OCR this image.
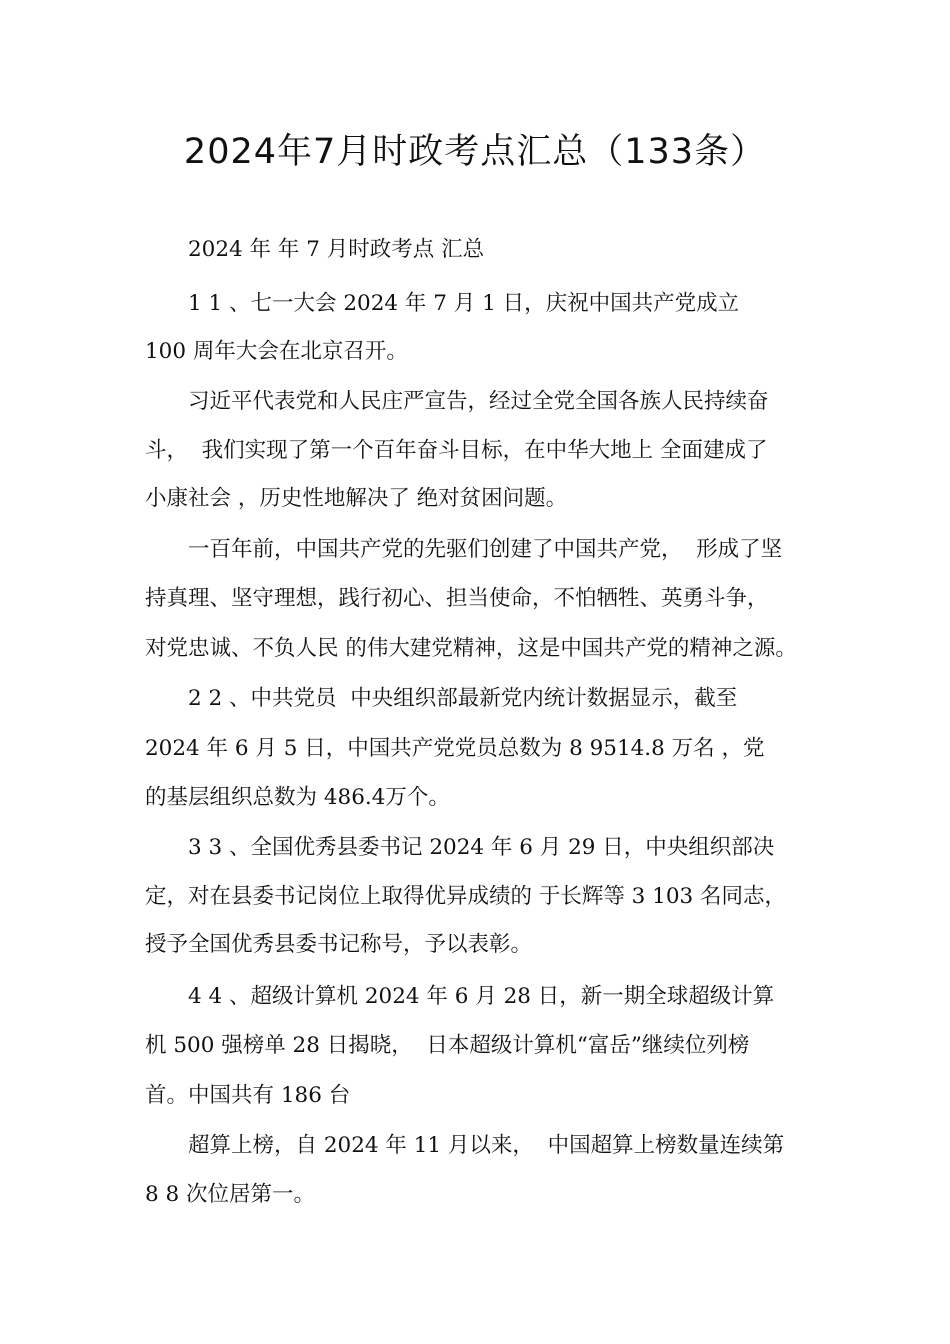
2024年7月时政考点汇总（133条）
2024 年 年 7 月时政考点 汇总
1 1 、七一大会 2024 年 7 月 1 日，庆祝中国共产党成立
100 周年大会在北京召开。
习近平代表党和人民庄严宣告，经过全党全国各族人民持续奋
斗，  我们实现了第一个百年奋斗目标，在中华大地上 全面建成了
小康社会 ，历史性地解决了 绝对贫困问题。
一百年前，中国共产党的先驱们创建了中国共产党，  形成了坚
持真理、坚守理想，践行初心、担当使命，不怕牺牲、英勇斗争，
对党忠诚、不负人民 的伟大建党精神，这是中国共产党的精神之源。
2 2 、中共党员  中央组织部最新党内统计数据显示，截至
2024 年 6 月 5 日，中国共产党党员总数为 8 9514.8 万名 ，党
的基层组织总数为 486.4万个。
3 3 、全国优秀县委书记 2024 年 6 月 29 日，中央组织部决
定，对在县委书记岗位上取得优异成绩的 于长辉等 3 103 名同志，
授予全国优秀县委书记称号，予以表彰。
4 4 、超级计算机 2024 年 6 月 28 日，新一期全球超级计算
机 500 强榜单 28 日揭晓，  日本超级计算机“富岳”继续位列榜
首。中国共有 186 台
超算上榜，自 2024 年 11 月以来，  中国超算上榜数量连续第
8 8 次位居第一。
